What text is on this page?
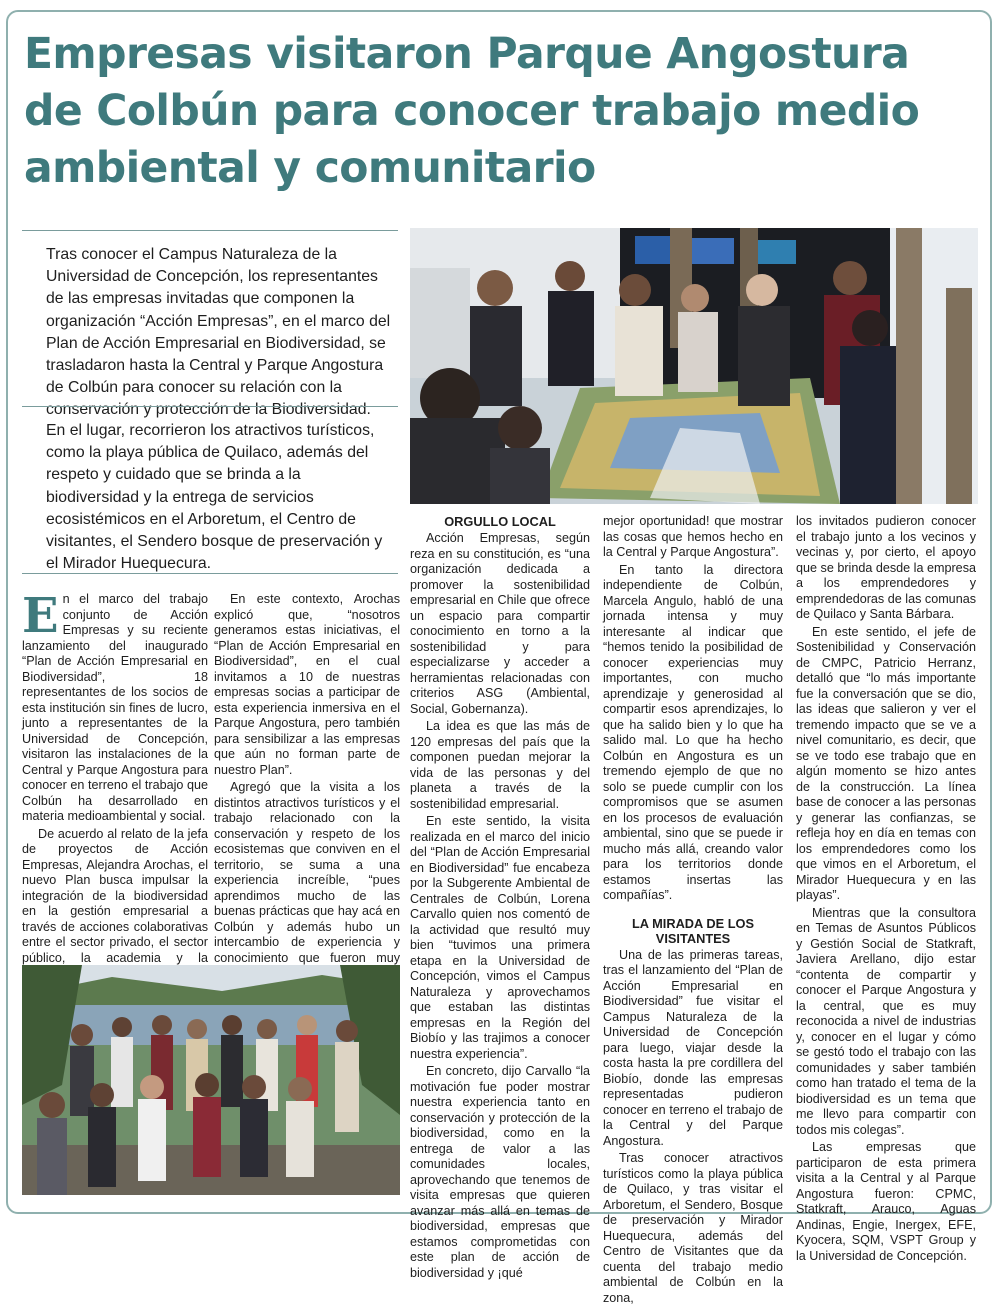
Empresas visitaron Parque Angostura de Colbún para conocer trabajo medio ambiental y comunitario

Tras conocer el Campus Naturaleza de la Universidad de Concepción, los representantes de las empresas invitadas que componen la organización “Acción Empresas”, en el marco del Plan de Acción Empresarial en Biodiversidad, se trasladaron hasta la Central y Parque Angostura de Colbún para conocer su relación con la conservación y protección de la Biodiversidad.

En el lugar, recorrieron los atractivos turísticos, como la playa pública de Quilaco, además del respeto y cuidado que se brinda a la biodiversidad y la entrega de servicios ecosistémicos en el Arboretum, el Centro de visitantes, el Sendero bosque de preservación y el Mirador Huequecura.

En el marco del trabajo conjunto de Acción Empresas y su reciente lanzamiento del inaugurado “Plan de Acción Empresarial en Biodiversidad”, 18 representantes de los socios de esta institución sin fines de lucro, junto a representantes de la Universidad de Concepción, visitaron las instalaciones de la Central y Parque Angostura para conocer en terreno el trabajo que Colbún ha desarrollado en materia medioambiental y social.

De acuerdo al relato de la jefa de proyectos de Acción Empresas, Alejandra Arochas, el nuevo Plan busca impulsar la integración de la biodiversidad en la gestión empresarial a través de acciones colaborativas entre el sector privado, el sector público, la academia y la

En este contexto, Arochas explicó que, “nosotros generamos estas iniciativas, el “Plan de Acción Empresarial en Biodiversidad”, en el cual invitamos a 10 de nuestras empresas socias a participar de esta experiencia inmersiva en el Parque Angostura, pero también para sensibilizar a las empresas que aún no forman parte de nuestro Plan”.

Agregó que la visita a los distintos atractivos turísticos y el trabajo relacionado con la conservación y respeto de los ecosistemas que conviven en el territorio, se suma a una experiencia increíble, “pues aprendimos mucho de las buenas prácticas que hay acá en Colbún y además hubo un intercambio de experiencia y conocimiento que fueron muy

ORGULLO LOCAL

Acción Empresas, según reza en su constitución, es “una organización dedicada a promover la sostenibilidad empresarial en Chile que ofrece un espacio para compartir conocimiento en torno a la sostenibilidad y para especializarse y acceder a herramientas relacionadas con criterios ASG (Ambiental, Social, Gobernanza).

La idea es que las más de 120 empresas del país que la componen puedan mejorar la vida de las personas y del planeta a través de la sostenibilidad empresarial.

En este sentido, la visita realizada en el marco del inicio del “Plan de Acción Empresarial en Biodiversidad” fue encabeza por la Subgerente Ambiental de Centrales de Colbún, Lorena Carvallo quien nos comentó de la actividad que resultó muy bien “tuvimos una primera etapa en la Universidad de Concepción, vimos el Campus Naturaleza y aprovechamos que estaban las distintas empresas en la Región del Biobío y las trajimos a conocer nuestra experiencia”.

En concreto, dijo Carvallo “la motivación fue poder mostrar nuestra experiencia tanto en conservación y protección de la biodiversidad, como en la entrega de valor a las comunidades locales, aprovechando que tenemos de visita empresas que quieren avanzar más allá en temas de biodiversidad, empresas que estamos comprometidas con este plan de acción de biodiversidad y ¡qué

mejor oportunidad! que mostrar las cosas que hemos hecho en la Central y Parque Angostura”.

En tanto la directora independiente de Colbún, Marcela Angulo, habló de una jornada intensa y muy interesante al indicar que “hemos tenido la posibilidad de conocer experiencias muy importantes, con mucho aprendizaje y generosidad al compartir esos aprendizajes, lo que ha salido bien y lo que ha salido mal. Lo que ha hecho Colbún en Angostura es un tremendo ejemplo de que no solo se puede cumplir con los compromisos que se asumen en los procesos de evaluación ambiental, sino que se puede ir mucho más allá, creando valor para los territorios donde estamos insertas las compañías”.

LA MIRADA DE LOS VISITANTES

Una de las primeras tareas, tras el lanzamiento del “Plan de Acción Empresarial en Biodiversidad” fue visitar el Campus Naturaleza de la Universidad de Concepción para luego, viajar desde la costa hasta la pre cordillera del Biobío, donde las empresas representadas pudieron conocer en terreno el trabajo de la Central y del Parque Angostura.

Tras conocer atractivos turísticos como la playa pública de Quilaco, y tras visitar el Arboretum, el Sendero, Bosque de preservación y Mirador Huequecura, además del Centro de Visitantes que da cuenta del trabajo medio ambiental de Colbún en la zona,

los invitados pudieron conocer el trabajo junto a los vecinos y vecinas y, por cierto, el apoyo que se brinda desde la empresa a los emprendedores y emprendedoras de las comunas de Quilaco y Santa Bárbara.

En este sentido, el jefe de Sostenibilidad y Conservación de CMPC, Patricio Herranz, detalló que “lo más importante fue la conversación que se dio, las ideas que salieron y ver el tremendo impacto que se ve a nivel comunitario, es decir, que se ve todo ese trabajo que en algún momento se hizo antes de la construcción. La línea base de conocer a las personas y generar las confianzas, se refleja hoy en día en temas con los emprendedores como los que vimos en el Arboretum, el Mirador Huequecura y en las playas”.

Mientras que la consultora en Temas de Asuntos Públicos y Gestión Social de Statkraft, Javiera Arellano, dijo estar “contenta de compartir y conocer el Parque Angostura y la central, que es muy reconocida a nivel de industrias y, conocer en el lugar y cómo se gestó todo el trabajo con las comunidades y saber también como han tratado el tema de la biodiversidad es un tema que me llevo para compartir con todos mis colegas”.

Las empresas que participaron de esta primera visita a la Central y al Parque Angostura fueron: CPMC, Statkraft, Arauco, Aguas Andinas, Engie, Inergex, EFE, Kyocera, SQM, VSPT Group y la Universidad de Concepción.
